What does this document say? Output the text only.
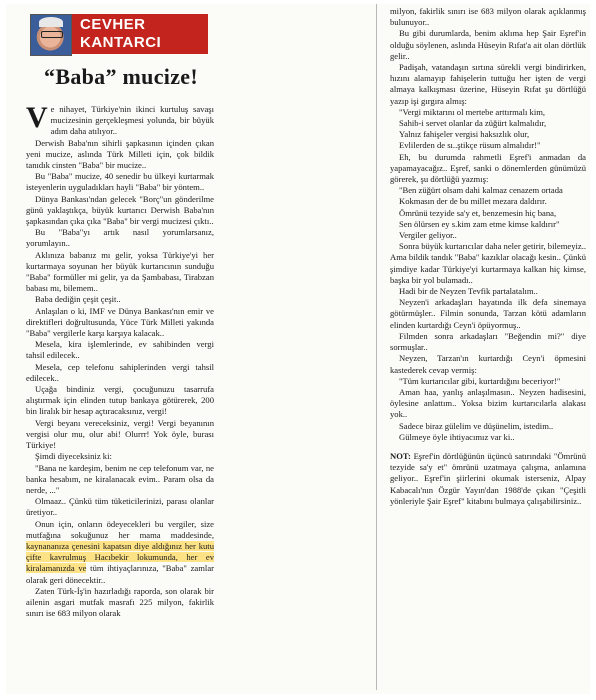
CEVHER
KANTARCI
“Baba” mucize!

Ve nihayet, Türkiye'nin ikinci kurtuluş savaşı mucizesinin gerçekleşmesi yolunda, bir büyük adım daha atılıyor..

Derwish Baba'nın sihirli şapkasının içinden çıkan yeni mucize, aslında Türk Milleti için, çok bildik tanıdık cinsten "Baba" bir mucize..

Bu "Baba" mucize, 40 senedir bu ülkeyi kurtarmak isteyenlerin uyguladıkları hayli "Baba" bir yöntem..

Dünya Bankası'ndan gelecek "Borç"un gönderilme günü yaklaştıkça, büyük kurtarıcı Derwish Baba'nın şapkasından çıka çıka "Baba" bir vergi mucizesi çıktı..

Bu "Baba"yı artık nasıl yorumlarsanız, yorumlayın..

Aklınıza babanız mı gelir, yoksa Türkiye'yi her kurtarmaya soyunan her büyük kurtarıcının sunduğu "Baba" formüller mi gelir, ya da Şambabası, Tirabzan babası mı, bilemem..

Baba dediğin çeşit çeşit..

Anlaşılan o ki, IMF ve Dünya Bankası'nın emir ve direktifleri doğrultusunda, Yüce Türk Milleti yakında "Baba" vergilerle karşı karşıya kalacak..

Mesela, kira işlemlerinde, ev sahibinden vergi tahsil edilecek..

Mesela, cep telefonu sahiplerinden vergi tahsil edilecek..

Uçağa bindiniz vergi, çocuğunuzu tasarrufa alıştırmak için elinden tutup bankaya götürerek, 200 bin liralık bir hesap açtıracaksınız, vergi!

Vergi beyanı vereceksiniz, vergi! Vergi beyanının vergisi olur mu, olur abi! Olurrr! Yok öyle, burası Türkiye!

Şimdi diyeceksiniz ki:

"Bana ne kardeşim, benim ne cep telefonum var, ne banka hesabım, ne kiralanacak evim.. Param olsa da nerde, ..."

Olmaaz.. Çünkü tüm tüketicilerinizi, parası olanlar üretiyor..

Onun için, onların ödeyecekleri bu vergiler, size mutfağına sokuğunuz her mama maddesinde, kaynananıza çenesini kapatsın diye aldığınız her kutu çifte kavrulmuş Hacıbekir lokumunda, her ev kiralamanızda ve tüm ihtiyaçlarınıza, "Baba" zamlar olarak geri dönecektir..

Zaten Türk-İş'in hazırladığı raporda, son olarak bir ailenin asgari mutfak masrafı 225 milyon, fakirlik sınırı ise 683 milyon olarak

milyon, fakirlik sınırı ise 683 milyon olarak açıklanmış bulunuyor..

Bu gibi durumlarda, benim aklıma hep Şair Eşref'in olduğu söylenen, aslında Hüseyin Rıfat'a ait olan dörtlük gelir..

Padişah, vatandaşın sırtına sürekli vergi bindirirken, hızını alamayıp fahişelerin tuttuğu her işten de vergi almaya kalkışması üzerine, Hüseyin Rıfat şu dörtlüğü yazıp işi gırgıra almış:

"Vergi miktarını ol mertebe arttırmalı kim,

Sahib-i servet olanlar da züğürt kalmalıdır,

Yalnız fahişeler vergisi haksızlık olur,

Evlilerden de sı..ştikçe rüsum almalıdır!"

Eh, bu durumda rahmetli Eşref'i anmadan da yapamayacağız.. Eşref, sanki o dönemlerden günümüzü görerek, şu dörtlüğü yazmış:

"Ben züğürt olsam dahi kalmaz cenazem ortada

Kokmasın der de bu millet mezara daldırır.

Ömrünü tezyide sa'y et, benzemesin hiç bana,

Sen ölürsen ey s.kim zam etme kimse kaldırır"

Vergiler geliyor..

Sonra büyük kurtarıcılar daha neler getirir, bilemeyiz.. Ama bildik tandık "Baba" kazıklar olacağı kesin.. Çünkü şimdiye kadar Türkiye'yi kurtarmaya kalkan hiç kimse, başka bir yol bulamadı..

Hadi bir de Neyzen Tevfik partalatalım..

Neyzen'i arkadaşları hayatında ilk defa sinemaya götürmüşler.. Filmin sonunda, Tarzan kötü adamların elinden kurtardığı Ceyn'i öpüyormuş..

Filmden sonra arkadaşları "Beğendin mi?" diye sormuşlar..

Neyzen, Tarzan'ın kurtardığı Ceyn'i öpmesini kastederek cevap vermiş:

"Tüm kurtarıcılar gibi, kurtardığını beceriyor!"

Aman haa, yanlış anlaşılmasın.. Neyzen hadisesini, öylesine anlattım.. Yoksa bizim kurtarıcılarla alakası yok..

Sadece biraz gülelim ve düşünelim, istedim..

Gülmeye öyle ihtiyacımız var ki..

NOT: Eşref'in dörtlüğünün üçüncü satırındaki "Ömrünü tezyide sa'y et" ömrünü uzatmaya çalışma, anlamına geliyor.. Eşref'in şiirlerini okumak isterseniz, Alpay Kabacalı'nın Özgür Yayın'dan 1988'de çıkan "Çeşitli yönleriyle Şair Eşref" kitabını bulmaya çalışabilirsiniz..
